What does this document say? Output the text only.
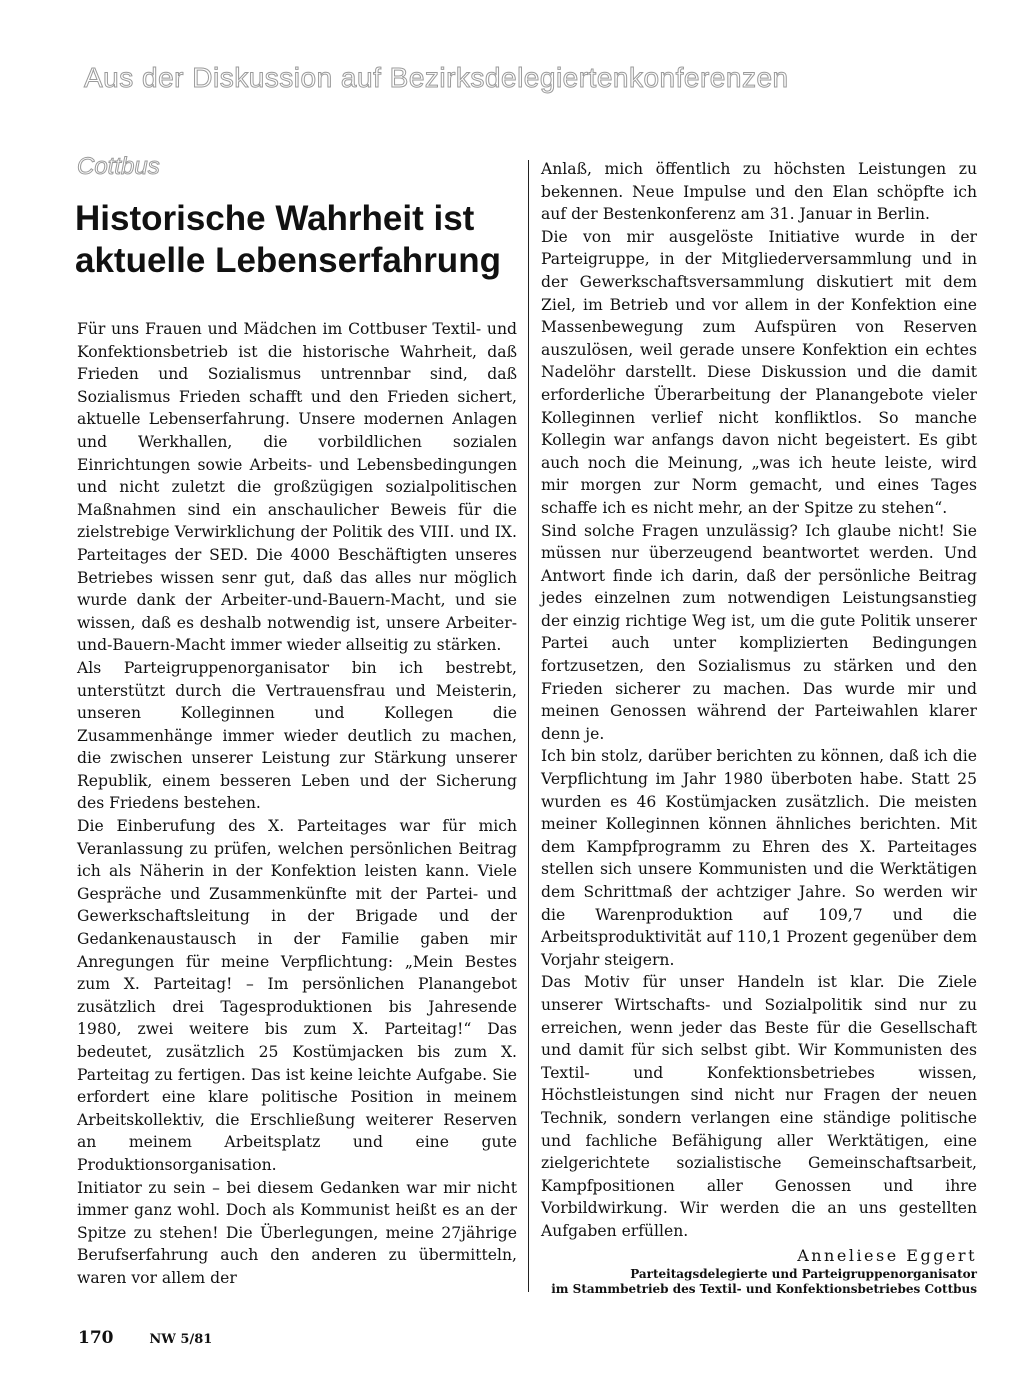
Aus der Diskussion auf Bezirksdelegiertenkonferenzen
Cottbus
Historische Wahrheit ist aktuelle Lebenserfahrung

Für uns Frauen und Mädchen im Cottbuser Textil- und Konfektionsbetrieb ist die historische Wahrheit, daß Frieden und Sozialismus untrennbar sind, daß Sozialismus Frieden schafft und den Frieden sichert, aktuelle Lebenserfahrung. Unsere modernen Anlagen und Werkhallen, die vorbildlichen sozialen Einrichtungen sowie Arbeits- und Lebensbedingungen und nicht zuletzt die großzügigen sozialpolitischen Maßnahmen sind ein anschaulicher Beweis für die zielstrebige Verwirklichung der Politik des VIII. und IX. Parteitages der SED. Die 4000 Beschäftigten unseres Betriebes wissen senr gut, daß das alles nur möglich wurde dank der Arbeiter-und-Bauern-Macht, und sie wissen, daß es deshalb notwendig ist, unsere Arbeiter-und-Bauern-Macht immer wieder allseitig zu stärken.

Als Parteigruppenorganisator bin ich bestrebt, unterstützt durch die Vertrauensfrau und Meisterin, unseren Kolleginnen und Kollegen die Zusammenhänge immer wieder deutlich zu machen, die zwischen unserer Leistung zur Stärkung unserer Republik, einem besseren Leben und der Sicherung des Friedens bestehen.

Die Einberufung des X. Parteitages war für mich Veranlassung zu prüfen, welchen persönlichen Beitrag ich als Näherin in der Konfektion leisten kann. Viele Gespräche und Zusammenkünfte mit der Partei- und Gewerkschaftsleitung in der Brigade und der Gedankenaustausch in der Familie gaben mir Anregungen für meine Verpflichtung: „Mein Bestes zum X. Parteitag! – Im persönlichen Planangebot zusätzlich drei Tagesproduktionen bis Jahresende 1980, zwei weitere bis zum X. Parteitag!“ Das bedeutet, zusätzlich 25 Kostümjacken bis zum X. Parteitag zu fertigen. Das ist keine leichte Aufgabe. Sie erfordert eine klare politische Position in meinem Arbeitskollektiv, die Erschließung weiterer Reserven an meinem Arbeitsplatz und eine gute Produktionsorganisation.

Initiator zu sein – bei diesem Gedanken war mir nicht immer ganz wohl. Doch als Kommunist heißt es an der Spitze zu stehen! Die Überlegungen, meine 27jährige Berufserfahrung auch den anderen zu übermitteln, waren vor allem der

Anlaß, mich öffentlich zu höchsten Leistungen zu bekennen. Neue Impulse und den Elan schöpfte ich auf der Bestenkonferenz am 31. Januar in Berlin.

Die von mir ausgelöste Initiative wurde in der Parteigruppe, in der Mitgliederversammlung und in der Gewerkschaftsversammlung diskutiert mit dem Ziel, im Betrieb und vor allem in der Konfektion eine Massenbewegung zum Aufspüren von Reserven auszulösen, weil gerade unsere Konfektion ein echtes Nadelöhr darstellt. Diese Diskussion und die damit erforderliche Überarbeitung der Planangebote vieler Kolleginnen verlief nicht konfliktlos. So manche Kollegin war anfangs davon nicht begeistert. Es gibt auch noch die Meinung, „was ich heute leiste, wird mir morgen zur Norm gemacht, und eines Tages schaffe ich es nicht mehr, an der Spitze zu stehen“.

Sind solche Fragen unzulässig? Ich glaube nicht! Sie müssen nur überzeugend beantwortet werden. Und Antwort finde ich darin, daß der persönliche Beitrag jedes einzelnen zum notwendigen Leistungsanstieg der einzig richtige Weg ist, um die gute Politik unserer Partei auch unter komplizierten Bedingungen fortzusetzen, den Sozialismus zu stärken und den Frieden sicherer zu machen. Das wurde mir und meinen Genossen während der Parteiwahlen klarer denn je.

Ich bin stolz, darüber berichten zu können, daß ich die Verpflichtung im Jahr 1980 überboten habe. Statt 25 wurden es 46 Kostümjacken zusätzlich. Die meisten meiner Kolleginnen können ähnliches berichten. Mit dem Kampfprogramm zu Ehren des X. Parteitages stellen sich unsere Kommunisten und die Werktätigen dem Schrittmaß der achtziger Jahre. So werden wir die Warenproduktion auf 109,7 und die Arbeitsproduktivität auf 110,1 Prozent gegenüber dem Vorjahr steigern.

Das Motiv für unser Handeln ist klar. Die Ziele unserer Wirtschafts- und Sozialpolitik sind nur zu erreichen, wenn jeder das Beste für die Gesellschaft und damit für sich selbst gibt. Wir Kommunisten des Textil- und Konfektionsbetriebes wissen, Höchstleistungen sind nicht nur Fragen der neuen Technik, sondern verlangen eine ständige politische und fachliche Befähigung aller Werktätigen, eine zielgerichtete sozialistische Gemeinschaftsarbeit, Kampfpositionen aller Genossen und ihre Vorbildwirkung. Wir werden die an uns gestellten Aufgaben erfüllen.

Anneliese Eggert
Parteitagsdelegierte und Parteigruppenorganisator
im Stammbetrieb des Textil- und Konfektionsbetriebes Cottbus
170	NW 5/81
